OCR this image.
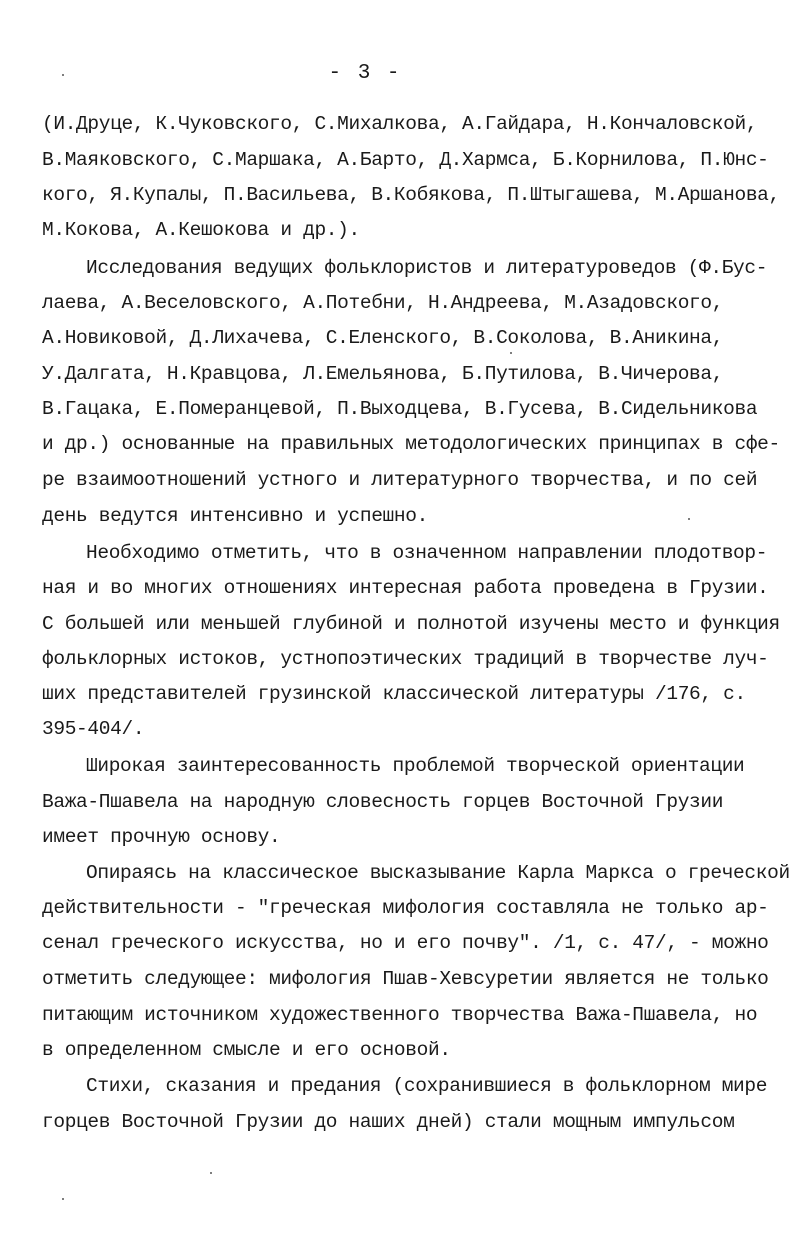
- 3 -
(И.Друце, К.Чуковского, С.Михалкова, А.Гайдара, Н.Кончаловской,
В.Маяковского, С.Маршака, А.Барто, Д.Хармса, Б.Корнилова, П.Юнс-
кого, Я.Купалы, П.Васильева, В.Кобякова, П.Штыгашева, М.Аршанова,
М.Кокова, А.Кешокова и др.).
Исследования ведущих фольклористов и литературоведов (Ф.Бус-
лаева, А.Веселовского, А.Потебни, Н.Андреева, М.Азадовского,
А.Новиковой, Д.Лихачева, С.Еленского, В.Соколова, В.Аникина,
У.Далгата, Н.Кравцова, Л.Емельянова, Б.Путилова, В.Чичерова,
В.Гацака, Е.Померанцевой, П.Выходцева, В.Гусева, В.Сидельникова
и др.) основанные на правильных методологических принципах в сфе-
ре взаимоотношений устного и литературного творчества, и по сей
день ведутся интенсивно и успешно.
Необходимо отметить, что в означенном направлении плодотвор-
ная и во многих отношениях интересная работа проведена в Грузии.
С большей или меньшей глубиной и полнотой изучены место и функция
фольклорных истоков, устнопоэтических традиций в творчестве луч-
ших представителей грузинской классической литературы /176, с.
395-404/.
Широкая заинтересованность проблемой творческой ориентации
Важа-Пшавела на народную словесность горцев Восточной Грузии
имеет прочную основу.
Опираясь на классическое высказывание Карла Маркса о греческой
действительности - "греческая мифология составляла не только ар-
сенал греческого искусства, но и его почву". /1, с. 47/, - можно
отметить следующее: мифология Пшав-Хевсуретии является не только
питающим источником художественного творчества Важа-Пшавела, но
в определенном смысле и его основой.
Стихи, сказания и предания (сохранившиеся в фольклорном мире
горцев Восточной Грузии до наших дней) стали мощным импульсом
